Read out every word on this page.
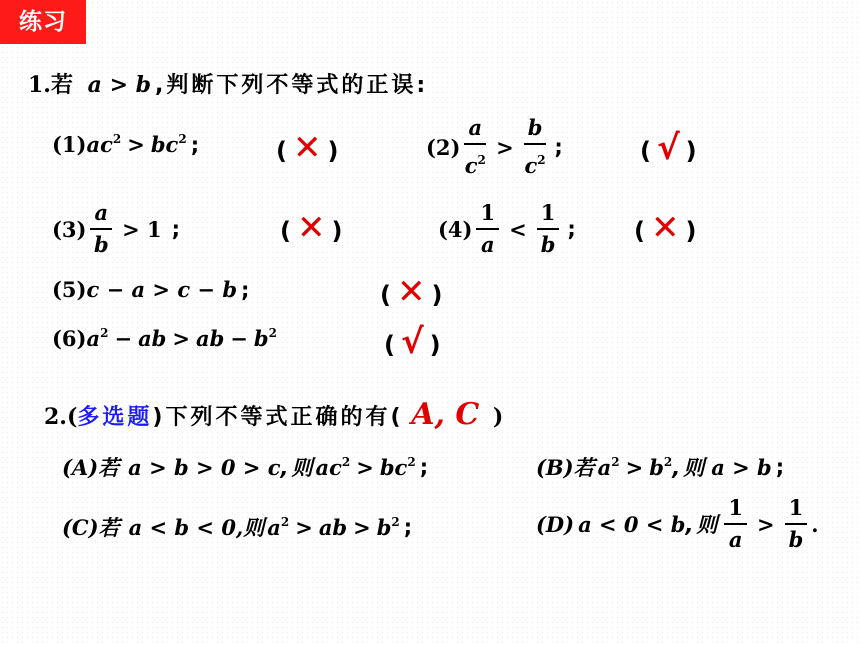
练习
1.若 a > b ,判断下列不等式的正误:
(1) $ac^2 > bc^2$ ;	( ✕ )	$(2) \frac{a}{c^2} > \frac{b}{c^2}$ ;	( √ )
$(3) \frac{a}{b} > 1$ ;	( ✕ )	$(4) \frac{1}{a} < \frac{1}{b}$ ; ( ✕ )
(5) c − a > c − b ;	( ✕ )
(6) $a^2$ − ab > ab − $b^2$	( √ )
2.(多选题)下列不等式正确的有( A, C )
(A) 若 a > b > 0 > c ,则 $ac^2 > bc^2$ ;	(B) 若 $a^2 > b^2$ ,则 a > b ;
(C) 若 a < b < 0, 则 $a^2$ > ab > $b^2$ ;	(D) a < 0 < b ,则 $\frac{1}{a} > \frac{1}{b}$ .
